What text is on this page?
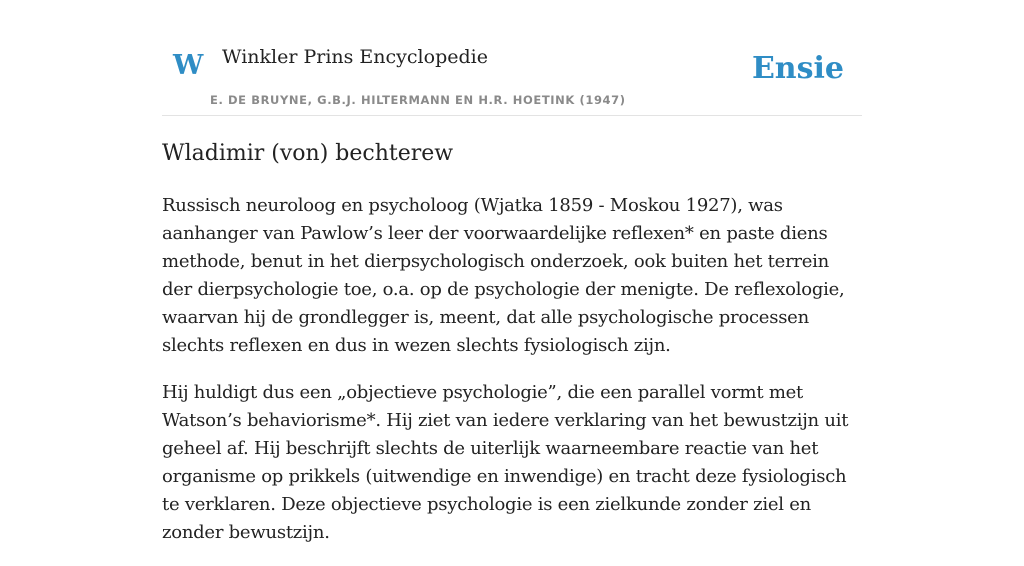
W Winkler Prins Encyclopedie
E. DE BRUYNE, G.B.J. HILTERMANN EN H.R. HOETINK (1947)
Ensie
Wladimir (von) bechterew

Russisch neuroloog en psycholoog (Wjatka 1859 - Moskou 1927), was aanhanger van Pawlow’s leer der voorwaardelijke reflexen* en paste diens methode, benut in het dierpsychologisch onderzoek, ook buiten het terrein der dierpsychologie toe, o.a. op de psychologie der menigte. De reflexologie, waarvan hij de grondlegger is, meent, dat alle psychologische processen slechts reflexen en dus in wezen slechts fysiologisch zijn.

Hij huldigt dus een „objectieve psychologie”, die een parallel vormt met Watson’s behaviorisme*. Hij ziet van iedere verklaring van het bewustzijn uit geheel af. Hij beschrijft slechts de uiterlijk waarneembare reactie van het organisme op prikkels (uitwendige en inwendige) en tracht deze fysiologisch te verklaren. Deze objectieve psychologie is een zielkunde zonder ziel en zonder bewustzijn.
